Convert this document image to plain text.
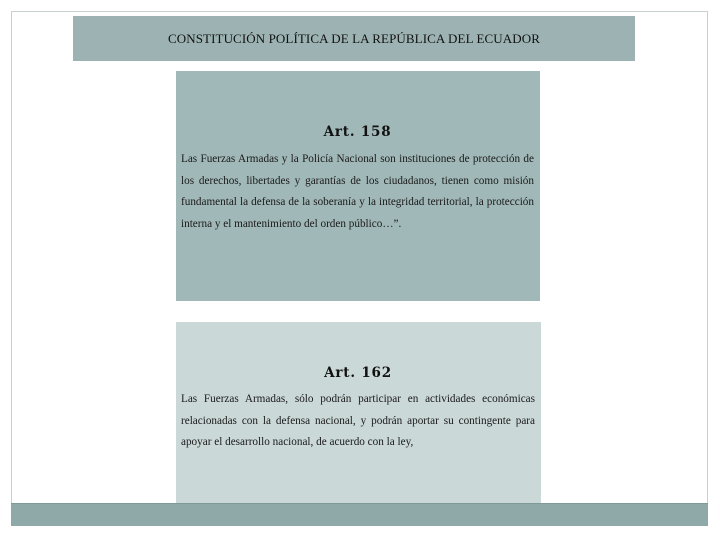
CONSTITUCIÓN POLÍTICA DE LA REPÚBLICA DEL ECUADOR
Art. 158

Las Fuerzas Armadas y la Policía Nacional son instituciones de protección de los derechos, libertades y garantías de los ciudadanos, tienen como misión fundamental la defensa de la soberanía y la integridad territorial, la protección interna y el mantenimiento del orden público…”.

Art. 162

Las Fuerzas Armadas, sólo podrán participar en actividades económicas relacionadas con la defensa nacional, y podrán aportar su contingente para apoyar el desarrollo nacional, de acuerdo con la ley,
